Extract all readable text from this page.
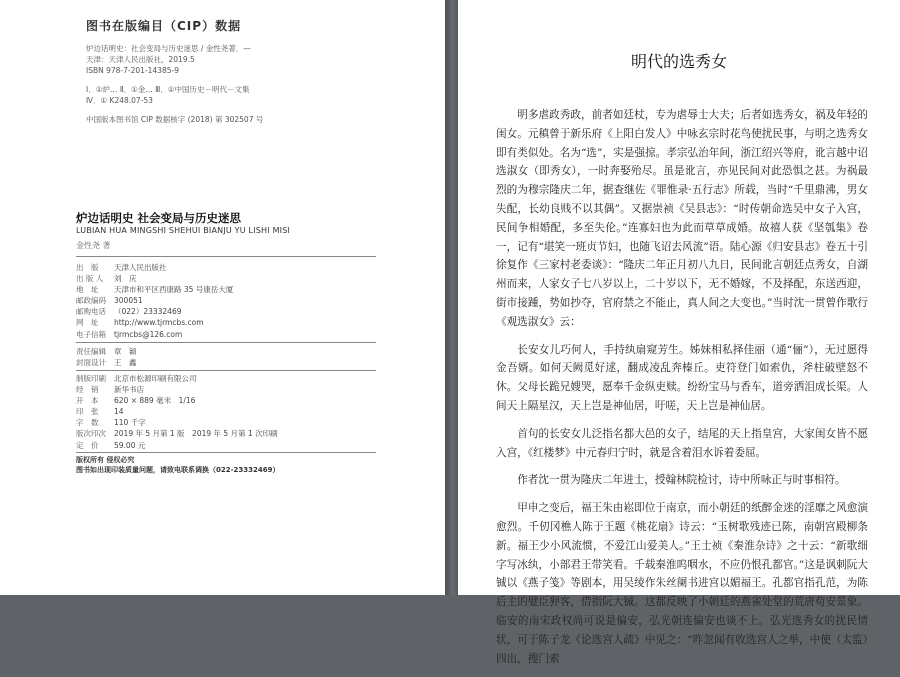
图书在版编目（CIP）数据
炉边话明史：社会变局与历史迷思 / 金性尧著．—
天津：天津人民出版社，2019.5
ISBN 978-7-201-14385-9
Ⅰ．①炉… Ⅱ．①金… Ⅲ．①中国历史－明代－文集
Ⅳ．① K248.07-53
中国版本图书馆 CIP 数据核字 (2018) 第 302507 号
炉边话明史 社会变局与历史迷思
LUBIAN HUA MINGSHI SHEHUI BIANJU YU LISHI MISI
金性尧 著
出　版	天津人民出版社
出 版 人	刘　庆
地　址	天津市和平区西康路 35 号康岳大厦
邮政编码	300051
邮购电话	（022）23332469
网　址	http://www.tjrmcbs.com
电子信箱	tjrmcbs@126.com
责任编辑	章　颖
封面设计	王　鑫
制版印刷	北京市松源印刷有限公司
经　销	新华书店
开　本	620 × 889 毫米　1/16
印　张	14
字　数	110 千字
版次印次	2019 年 5 月第 1 版　2019 年 5 月第 1 次印刷
定　价	59.00 元
版权所有 侵权必究
图书如出现印装质量问题，请致电联系调换（022-23332469）
明代的选秀女

明多虐政秀政，前者如廷杖，专为虐辱士大夫；后者如选秀女，祸及年轻的闺女。元稹曾于新乐府《上阳白发人》中咏玄宗时花鸟使扰民事，与明之选秀女即有类似处。名为“选”，实是强掠。孝宗弘治年间，浙江绍兴等府，讹言越中诏选淑女（即秀女），一时奔娶殆尽。虽是讹言，亦见民间对此恐惧之甚。为祸最烈的为穆宗隆庆二年，据查继佐《罪惟录·五行志》所载，当时“千里鼎沸，男女失配，长幼良贱不以其偶”。又据崇祯《吴县志》：“时传朝命选吴中女子入宫，民间争相婚配，多至失伦。”连寡妇也为此而草草成婚。故禧人获《坚瓠集》卷一，记有“堪笑一班贞节妇，也随飞诏去风流”语。陆心源《归安县志》卷五十引徐复作《三家村老委谈》：“隆庆二年正月初八九日，民间讹言朝廷点秀女，自湖州而来，人家女子七八岁以上，二十岁以下，无不婚嫁，不及择配，东送西迎，街市接踵，势如抄夺，官府禁之不能止，真人间之大变也。”当时沈一贯曾作歌行《观选淑女》云：

长安女儿巧何人，手持纨扇窥芳生。姊妹相私择佳丽（通“俪”），无过愿得金吾婿。如何天阙觅好逑，翻成凌乱奔榛丘。吏符登门如索仇，斧柱破壁怒不休。父母长跪兄嫂哭，愿奉千金纵吏赎。纷纷宝马与香车，道旁洒泪成长渠。人间天上隔星汉，天上岂是神仙居，吁嗟，天上岂是神仙居。

首句的长安女儿泛指名都大邑的女子，结尾的天上指皇宫，大家闺女皆不愿入宫，《红楼梦》中元春归宁时，就是含着泪水诉着委屈。

作者沈一贯为隆庆二年进士，授翰林院检讨，诗中所咏正与时事相符。

甲申之变后，福王朱由崧即位于南京，而小朝廷的纸醉金迷的淫靡之风愈演愈烈。千仞冈樵人陈于王题《桃花扇》诗云：“玉树歌残迹已陈，南朝宫殿柳条新。福王少小风流惯，不爱江山爱美人。”王士祯《秦淮杂诗》之十云：“新歌细字写冰纨，小部君王带笑看。千载秦淮呜咽水，不应仍恨孔都官。”这是讽刺阮大铖以《燕子笺》等剧本，用吴绫作朱丝阑书进宫以媚福王。孔都官指孔范，为陈后主的嬖臣狎客，借指阮大铖。这都反映了小朝廷的燕雀处堂的荒唐苟安景象。临安的南宋政权尚可说是偏安，弘光朝连偏安也谈不上。弘光选秀女的扰民情状，可于陈子龙《论选宫人疏》中见之：“昨忽闻有收选宫人之举，中使（太监）四出，搜门索
